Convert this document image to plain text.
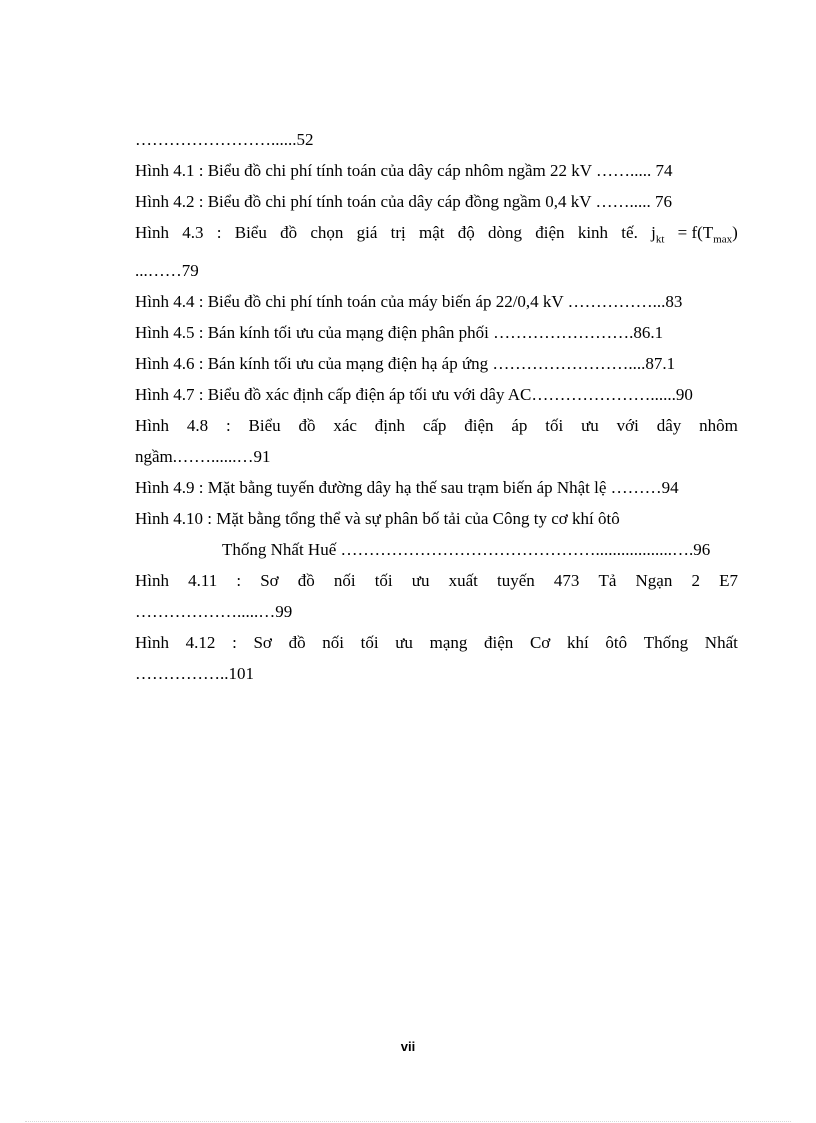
……………………......52
Hình 4.1 : Biểu đồ chi phí tính toán của dây cáp nhôm ngầm 22 kV ……..... 74
Hình 4.2 : Biểu đồ chi phí tính toán của dây cáp đồng ngầm 0,4 kV ……..... 76
Hình 4.3 : Biểu đồ chọn giá trị mật độ dòng điện kinh tế. $j_{kt} = f(T_{max})$
...……79
Hình 4.4 : Biểu đồ chi phí tính toán của máy biến áp 22/0,4 kV ……………...83
Hình 4.5 : Bán kính tối ưu của mạng điện phân phối …………………….86.1
Hình 4.6 : Bán kính tối ưu của mạng điện hạ áp ứng ……………………....87.1
Hình 4.7 : Biểu đồ xác định cấp điện áp tối ưu với dây AC…………………......90
Hình 4.8 : Biểu đồ xác định cấp điện áp tối ưu với dây nhôm
ngầm.……......…91
Hình 4.9 : Mặt bằng tuyến đường dây hạ thế sau trạm biến áp Nhật lệ ………94
Hình 4.10 : Mặt bằng tổng thể và sự phân bố tải của Công ty cơ khí ôtô
Thống Nhất Huế ………………………………………..................….96
Hình 4.11 : Sơ đồ nối tối ưu xuất tuyến 473 Tả Ngạn 2 E7
……………….....…99
Hình 4.12 : Sơ đồ nối tối ưu mạng điện Cơ khí ôtô Thống Nhất
……………..101
vii
